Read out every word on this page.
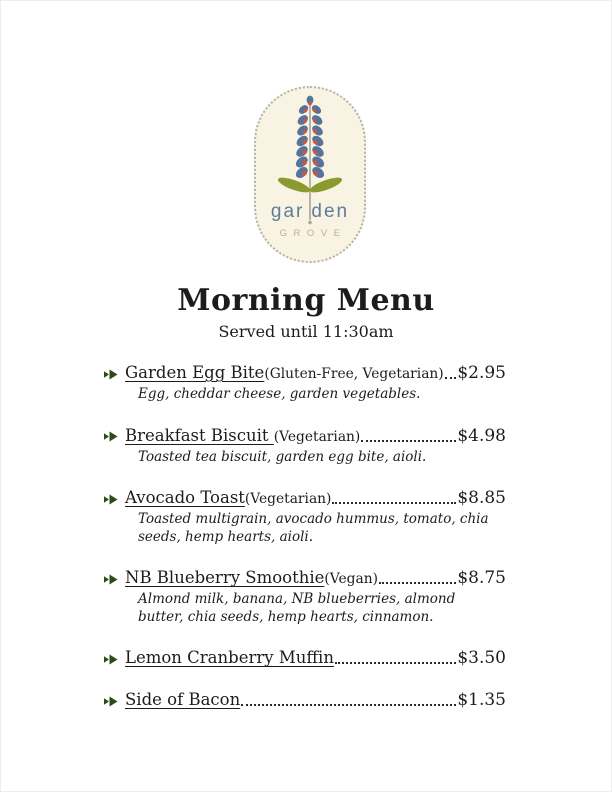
gar den
GROVE
Morning Menu
Served until 11:30am
Garden Egg Bite (Gluten-Free, Vegetarian) $2.95
Egg, cheddar cheese, garden vegetables.
Breakfast Biscuit (Vegetarian)	$4.98
Toasted tea biscuit, garden egg bite, aioli.
Avocado Toast (Vegetarian)	$8.85
Toasted multigrain, avocado hummus, tomato, chia seeds, hemp hearts, aioli.
NB Blueberry Smoothie (Vegan)	$8.75
Almond milk, banana, NB blueberries, almond butter, chia seeds, hemp hearts, cinnamon.
Lemon Cranberry Muffin	$3.50
Side of Bacon	$1.35
